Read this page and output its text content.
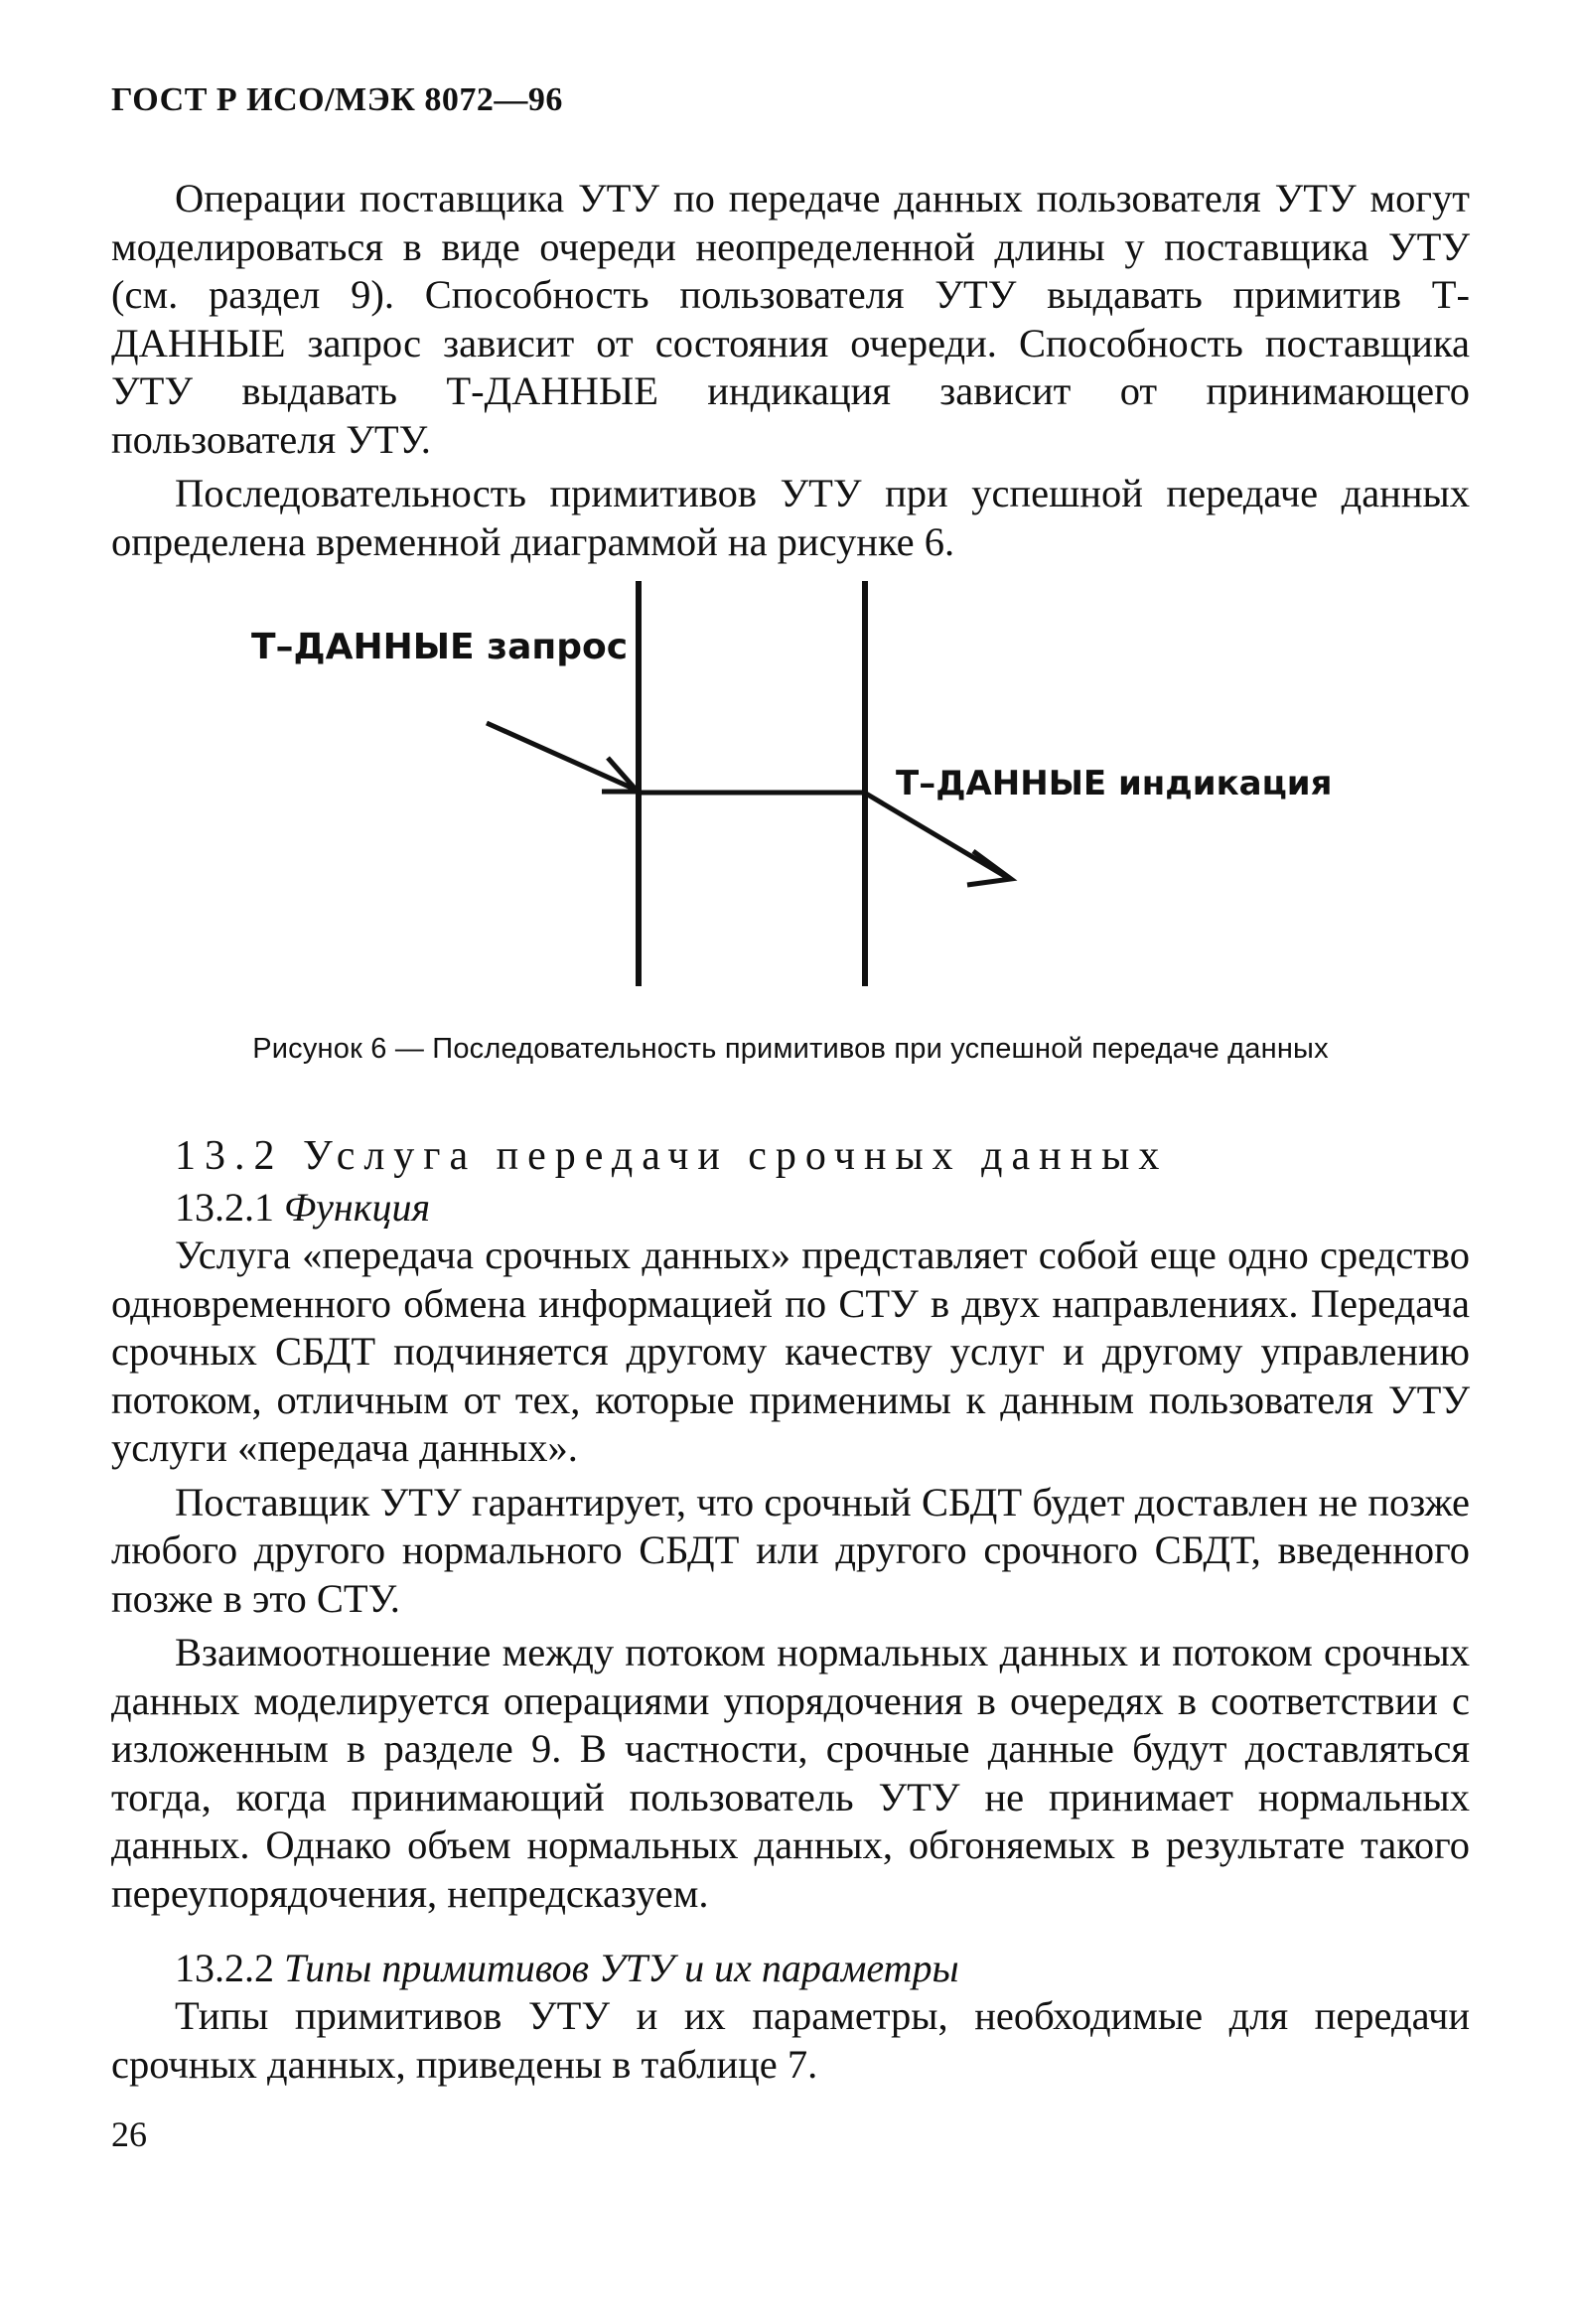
ГОСТ Р ИСО/МЭК 8072—96

Операции поставщика УТУ по передаче данных пользователя УТУ могут моделироваться в виде очереди неопределенной длины у поставщика УТУ (см. раздел 9). Способность пользователя УТУ выдавать примитив Т-ДАННЫЕ запрос зависит от состояния очереди. Способность поставщика УТУ выдавать Т-ДАННЫЕ индикация зависит от принимающего пользователя УТУ.

Последовательность примитивов УТУ при успешной передаче данных определена временной диаграммой на рисунке 6.

Т–ДАННЫЕ запрос
Т–ДАННЫЕ индикация
Рисунок 6 — Последовательность примитивов при успешной передаче данных
13.2 Услуга передачи срочных данных
13.2.1 Функция

Услуга «передача срочных данных» представляет собой еще одно средство одновременного обмена информацией по СТУ в двух направлениях. Передача срочных СБДТ подчиняется другому качеству услуг и другому управлению потоком, отличным от тех, которые применимы к данным пользователя УТУ услуги «передача данных».

Поставщик УТУ гарантирует, что срочный СБДТ будет доставлен не позже любого другого нормального СБДТ или другого срочного СБДТ, введенного позже в это СТУ.

Взаимоотношение между потоком нормальных данных и потоком срочных данных моделируется операциями упорядочения в очередях в соответствии с изложенным в разделе 9. В частности, срочные данные будут доставляться тогда, когда принимающий пользователь УТУ не принимает нормальных данных. Однако объем нормальных данных, обгоняемых в результате такого переупорядочения, непредсказуем.

13.2.2 Типы примитивов УТУ и их параметры

Типы примитивов УТУ и их параметры, необходимые для передачи срочных данных, приведены в таблице 7.

26
